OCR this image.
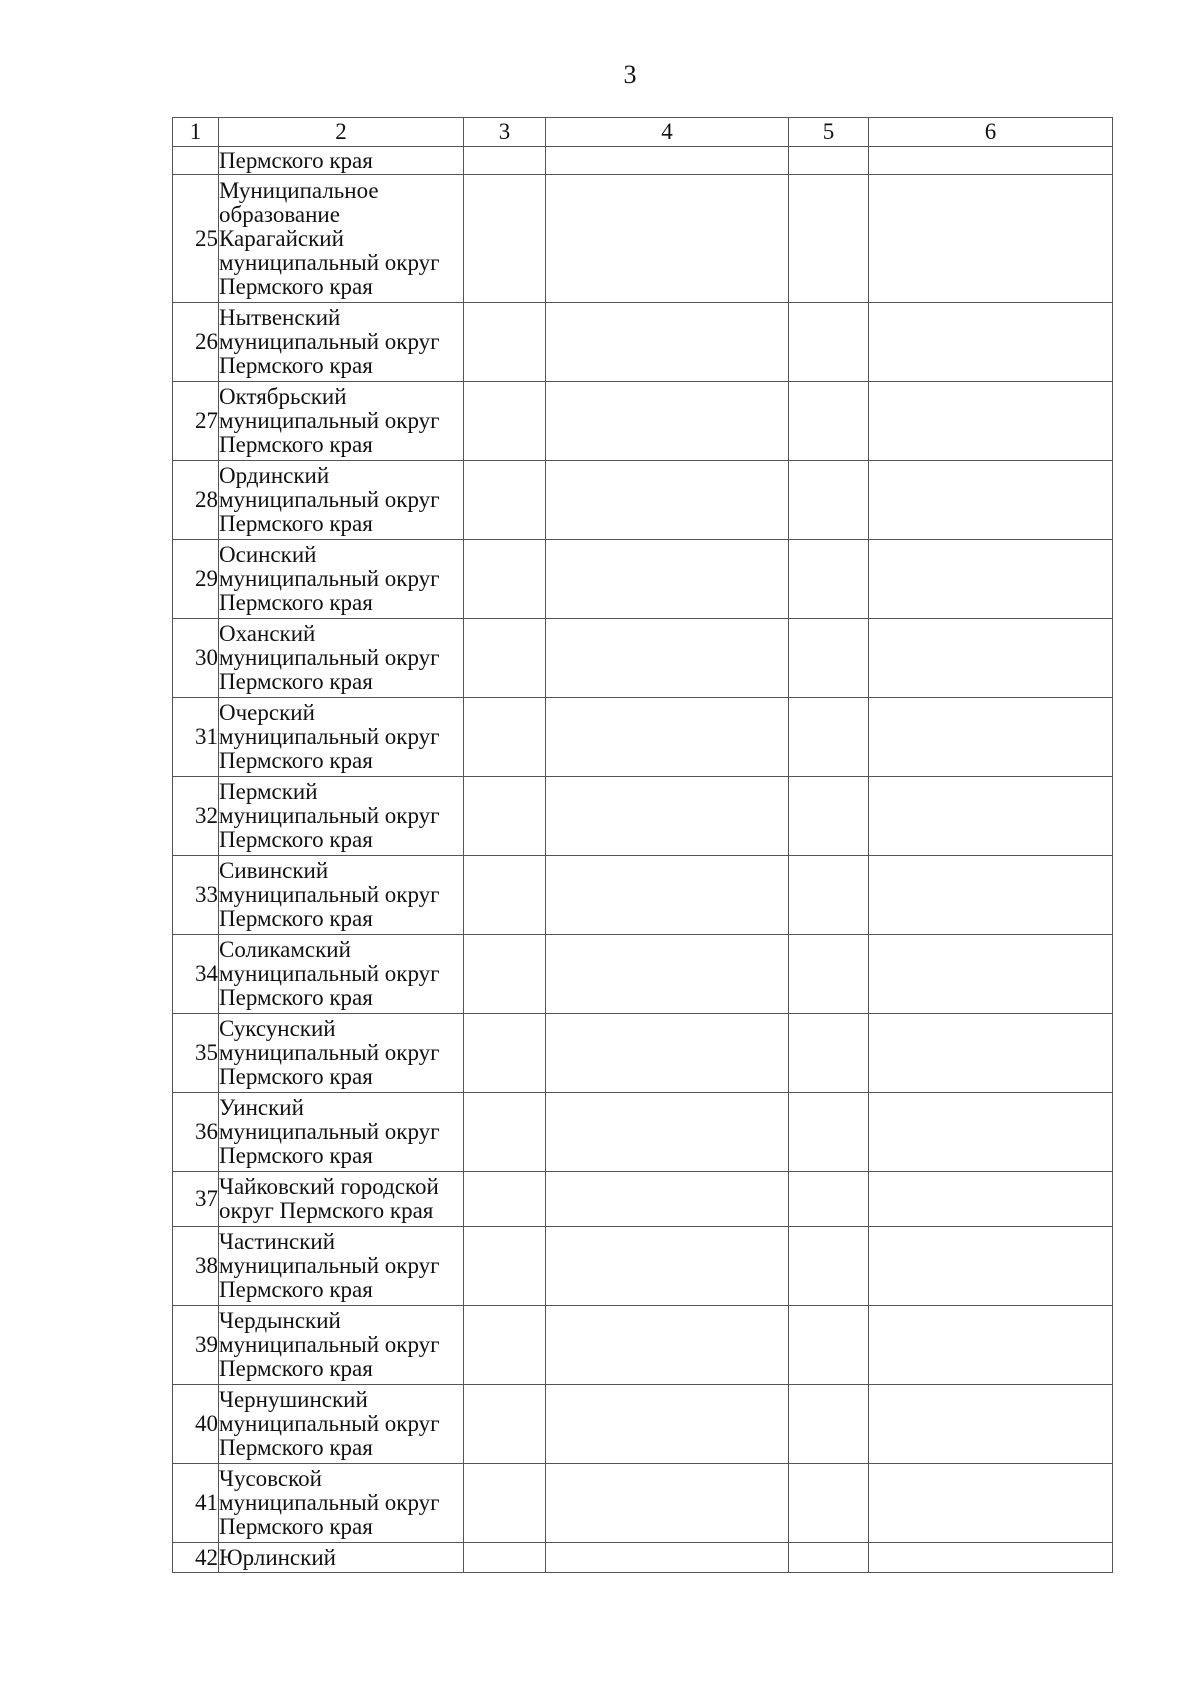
3
1	2	3	4	5	6
	Пермского края				
25	Муниципальное
образование
Карагайский
муниципальный округ
Пермского края				
26	Нытвенский
муниципальный округ
Пермского края				
27	Октябрьский
муниципальный округ
Пермского края				
28	Ординский
муниципальный округ
Пермского края				
29	Осинский
муниципальный округ
Пермского края				
30	Оханский
муниципальный округ
Пермского края				
31	Очерский
муниципальный округ
Пермского края				
32	Пермский
муниципальный округ
Пермского края				
33	Сивинский
муниципальный округ
Пермского края				
34	Соликамский
муниципальный округ
Пермского края				
35	Суксунский
муниципальный округ
Пермского края				
36	Уинский
муниципальный округ
Пермского края				
37	Чайковский городской
округ Пермского края				
38	Частинский
муниципальный округ
Пермского края				
39	Чердынский
муниципальный округ
Пермского края				
40	Чернушинский
муниципальный округ
Пермского края				
41	Чусовской
муниципальный округ
Пермского края				
42	Юрлинский				
